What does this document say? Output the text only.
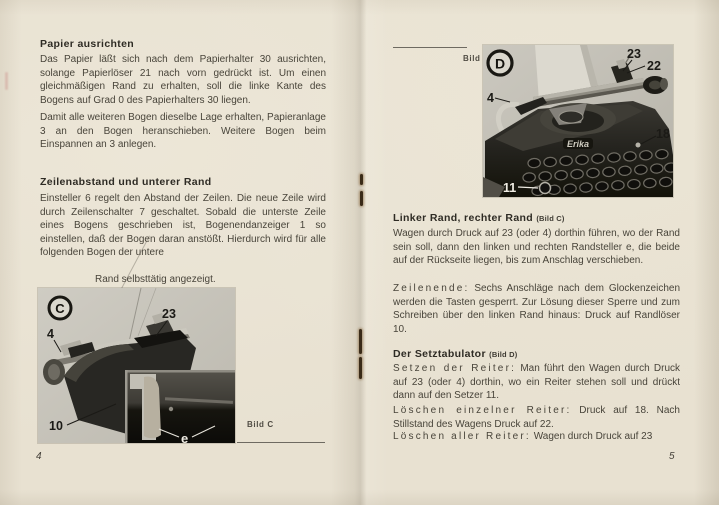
Papier ausrichten
Das Papier läßt sich nach dem Papierhalter 30 ausrichten, solange Papierlöser 21 nach vorn gedrückt ist. Um einen gleichmäßigen Rand zu erhalten, soll die linke Kante des Bogens auf Grad 0 des Papierhalters 30 liegen.
Damit alle weiteren Bogen dieselbe Lage erhalten, Papieranlage 3 an den Bogen heranschieben. Weitere Bogen beim Einspannen an 3 anlegen.
Zeilenabstand und unterer Rand
Einsteller 6 regelt den Abstand der Zeilen. Die neue Zeile wird durch Zeilenschalter 7 geschaltet. Sobald die unterste Zeile eines Bogens geschrieben ist, Bogenendanzeiger 1 so einstellen, daß der Bogen daran anstößt. Hierdurch wird für alle folgenden Bogen der untere
Rand selbsttätig angezeigt.
e
C
4
23
10	Bild C
4
Bild
Erika
D
23
22
4
18
11
Linker Rand, rechter Rand (Bild C)
Wagen durch Druck auf 23 (oder 4) dorthin führen, wo der Rand sein soll, dann den linken und rechten Randsteller e, die beide auf der Rückseite liegen, bis zum Anschlag verschieben.
Zeilenende: Sechs Anschläge nach dem Glockenzeichen werden die Tasten gesperrt. Zur Lösung dieser Sperre und zum Schreiben über den linken Rand hinaus: Druck auf Randlöser 10.
Der Setztabulator (Bild D)
Setzen der Reiter: Man führt den Wagen durch Druck auf 23 (oder 4) dorthin, wo ein Reiter stehen soll und drückt dann auf den Setzer 11.
Löschen einzelner Reiter: Druck auf 18. Nach Stillstand des Wagens Druck auf 22.
Löschen aller Reiter: Wagen durch Druck auf 23
5
